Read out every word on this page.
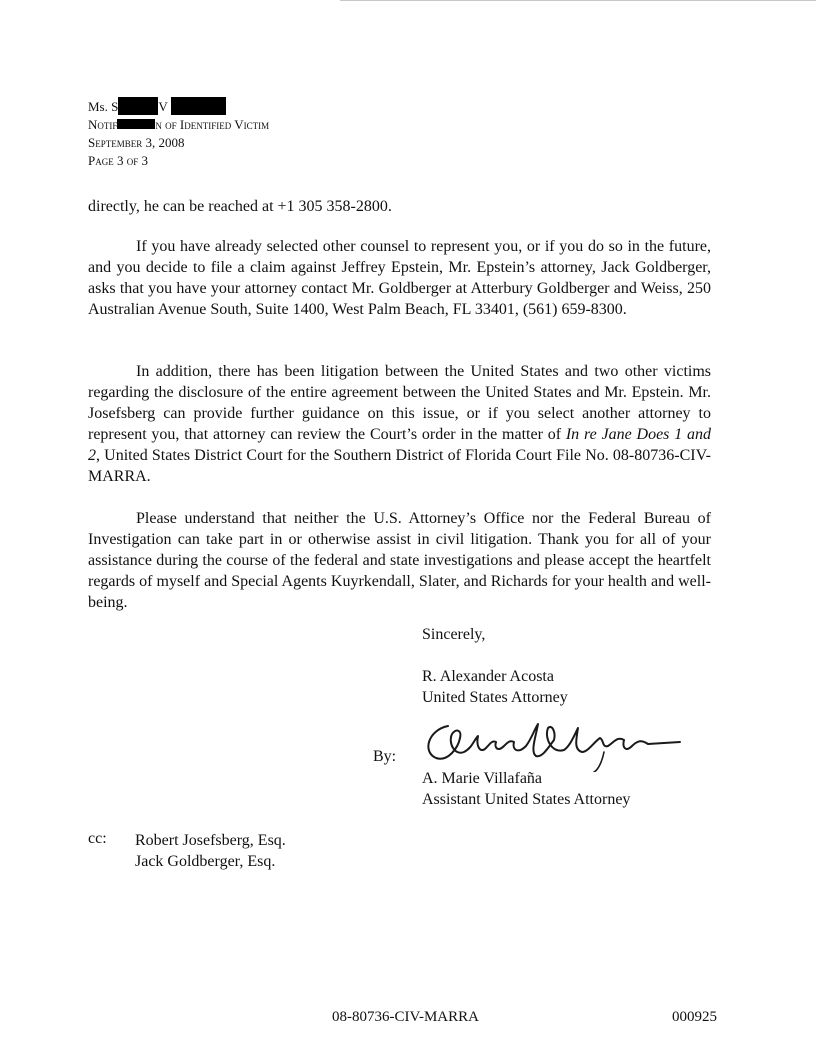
Ms. S	V
Notif	n of Identified Victim
September 3, 2008
Page 3 of 3
directly, he can be reached at +1 305 358-2800.
If you have already selected other counsel to represent you, or if you do so in the future, and you decide to file a claim against Jeffrey Epstein, Mr. Epstein’s attorney, Jack Goldberger, asks that you have your attorney contact Mr. Goldberger at Atterbury Goldberger and Weiss, 250 Australian Avenue South, Suite 1400, West Palm Beach, FL 33401, (561) 659-8300.
In addition, there has been litigation between the United States and two other victims regarding the disclosure of the entire agreement between the United States and Mr. Epstein. Mr. Josefsberg can provide further guidance on this issue, or if you select another attorney to represent you, that attorney can review the Court’s order in the matter of In re Jane Does 1 and 2, United States District Court for the Southern District of Florida Court File No. 08-80736-CIV-MARRA.
Please understand that neither the U.S. Attorney’s Office nor the Federal Bureau of Investigation can take part in or otherwise assist in civil litigation. Thank you for all of your assistance during the course of the federal and state investigations and please accept the heartfelt regards of myself and Special Agents Kuyrkendall, Slater, and Richards for your health and well-being.
Sincerely,
R. Alexander Acosta
United States Attorney
By:
A. Marie Villafaña
Assistant United States Attorney
cc: Robert Josefsberg, Esq.
Jack Goldberger, Esq.
08-80736-CIV-MARRA	000925
